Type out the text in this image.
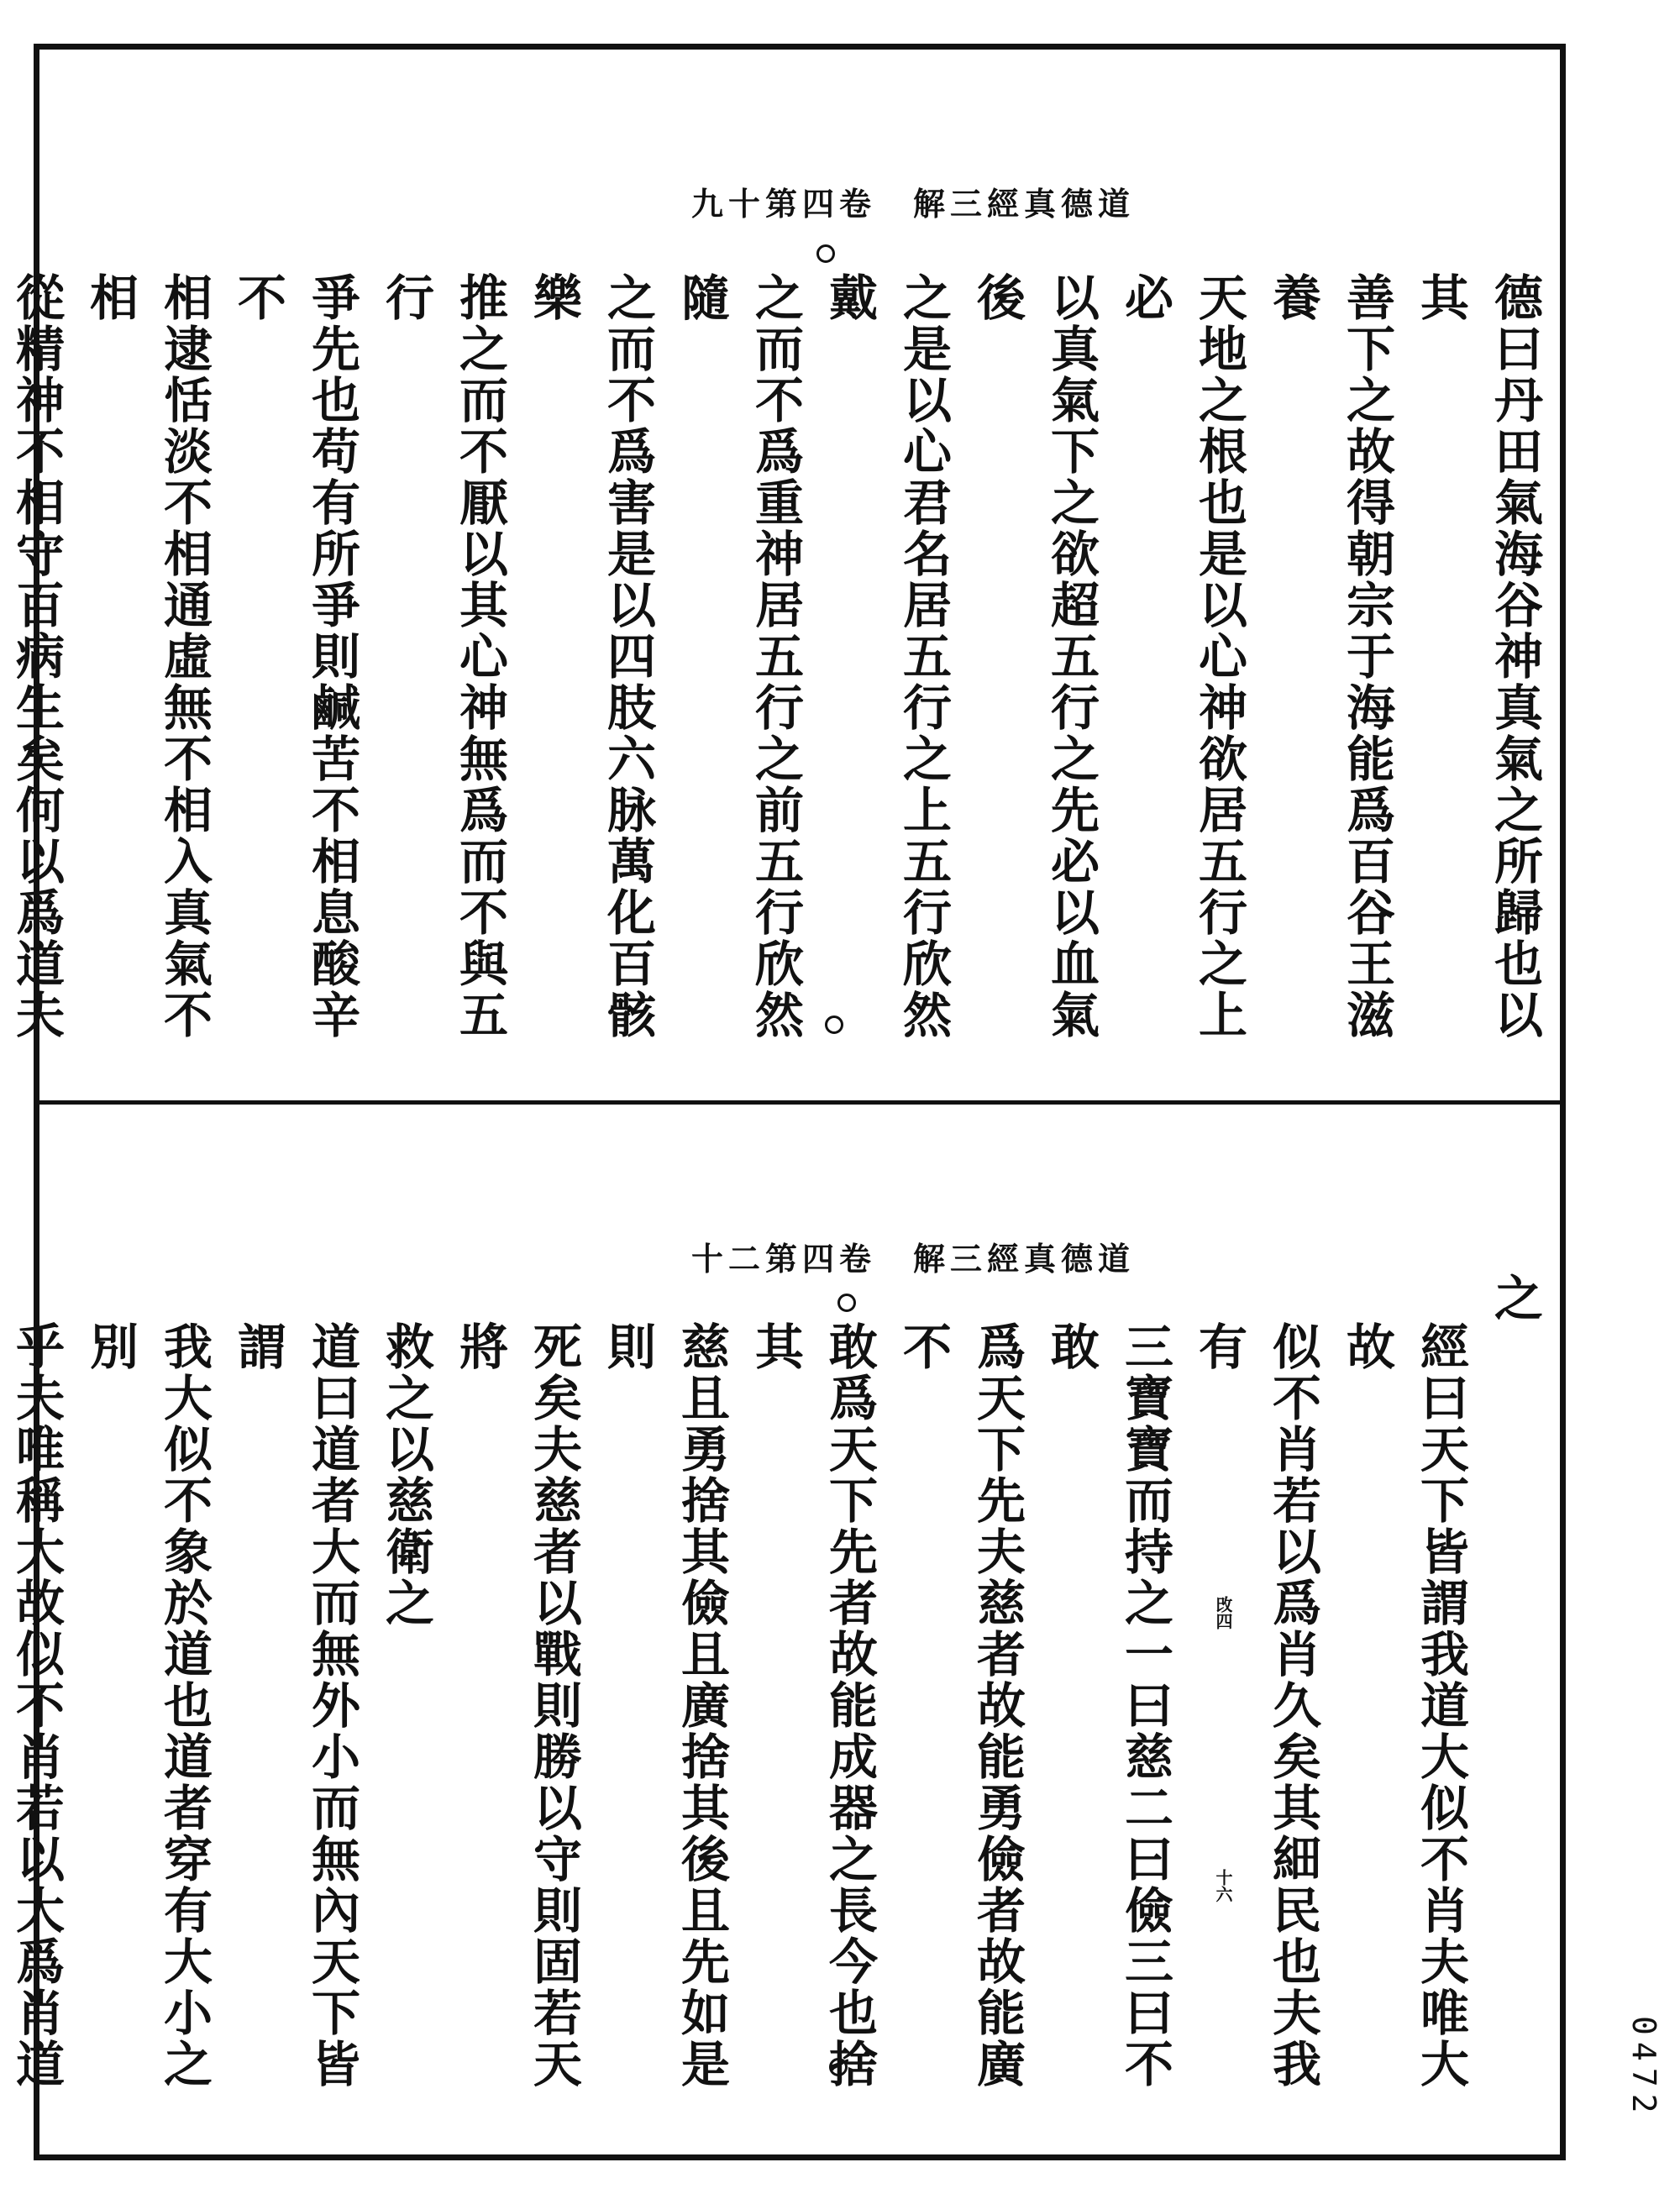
九十第四卷　解三經真德道

德曰丹田氣海谷神真氣之所歸也以其

善下之故得朝宗于海能爲百谷王滋養

天地之根也是以心神欲居五行之上必

以真氣下之欲超五行之先必以血氣後

之是以心君名居五行之上五行欣然戴

之而不爲重神居五行之前五行欣然隨

之而不爲害是以四肢六脉萬化百骸樂

推之而不厭以其心神無爲而不與五行

爭先也苟有所爭則鹹苦不相息酸辛不

相逮恬淡不相通虛無不相入真氣不相

從精神不相守百病生矣何以爲道夫

十二第四卷　解三經真德道

之

經曰天下皆謂我道大似不肖夫唯大故

似不肖若以爲肖久矣其細民也夫我有

三寶寶而持之一曰慈二曰儉三曰不敢

爲天下先夫慈者故能勇儉者故能廣不

敢爲天下先者故能成器之長今也捨其

慈且勇捨其儉且廣捨其後且先如是則

死矣夫慈者以戰則勝以守則固若天將

救之以慈衛之

道曰道者大而無外小而無內天下皆謂

我大似不象於道也道者穿有大小之別

乎夫唯稱大故似不肖若以大爲肖道

攺四
十六
0472
